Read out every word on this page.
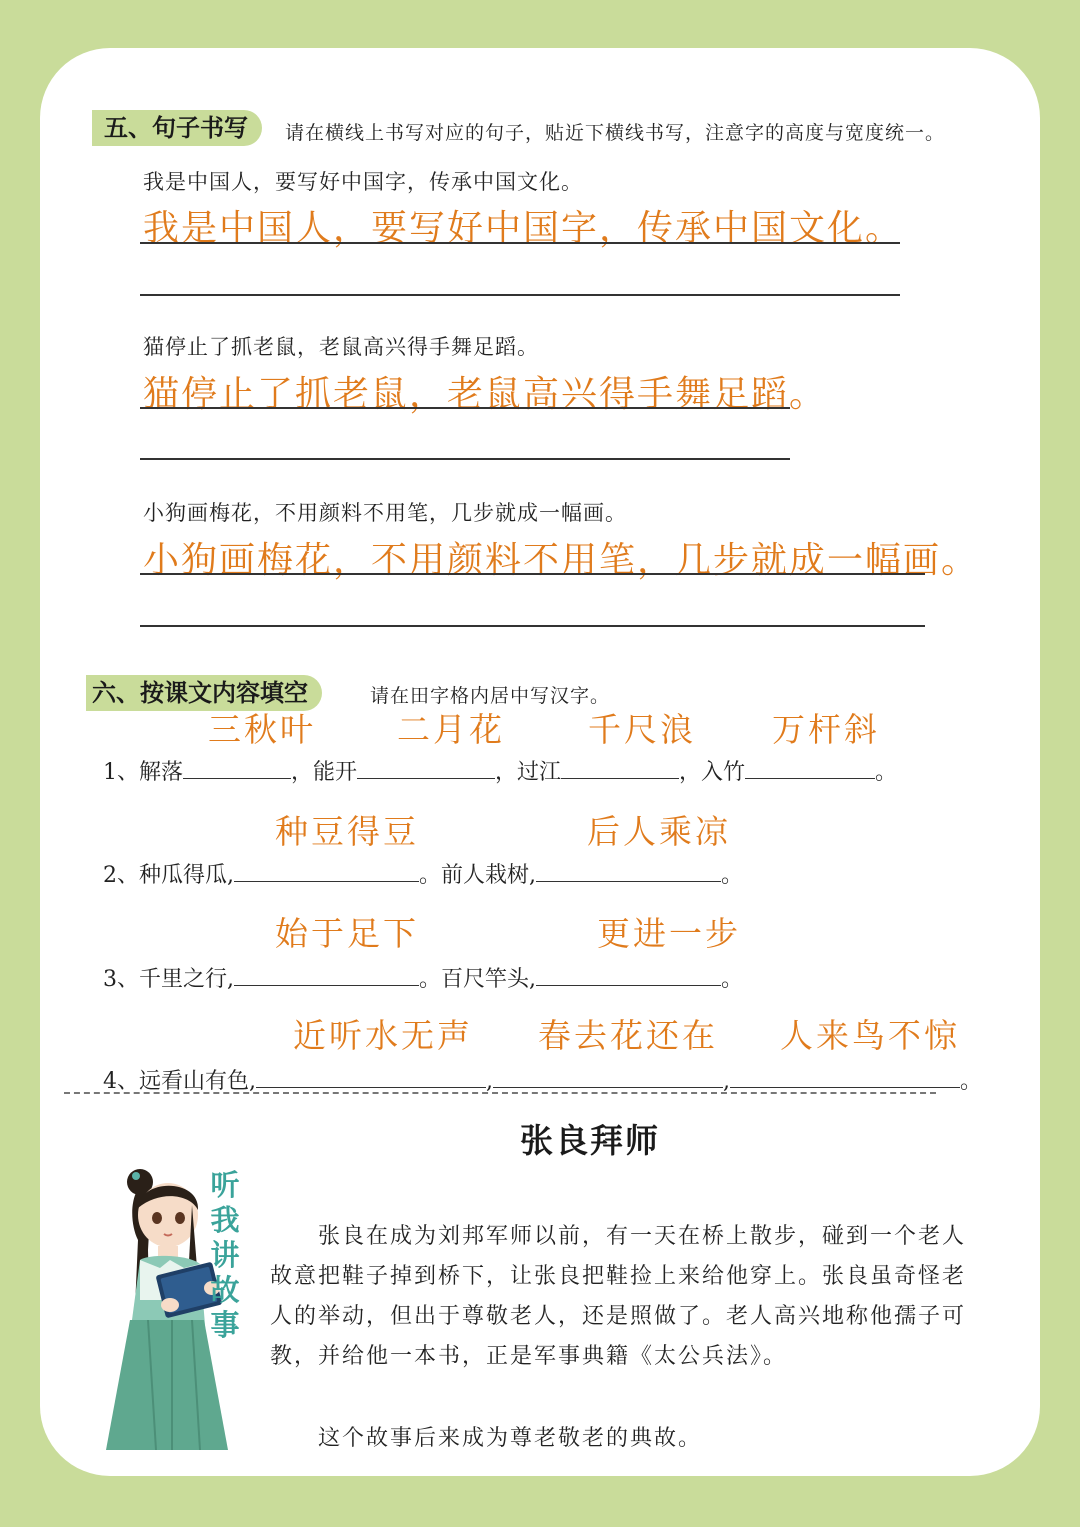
五、句子书写	请在横线上书写对应的句子，贴近下横线书写，注意字的高度与宽度统一。
我是中国人，要写好中国字，传承中国文化。
我是中国人，要写好中国字，传承中国文化。
猫停止了抓老鼠，老鼠高兴得手舞足蹈。
猫停止了抓老鼠，老鼠高兴得手舞足蹈。
小狗画梅花，不用颜料不用笔，几步就成一幅画。
小狗画梅花，不用颜料不用笔，几步就成一幅画。
六、按课文内容填空	请在田字格内居中写汉字。
三秋叶 二月花	千尺浪 万杆斜
1、解落	，能开	，过江	，入竹	。
种豆得豆	后人乘凉
2、种瓜得瓜,	。前人栽树,	。
始于足下	更进一步
3、千里之行,	。百尺竿头,	。
近听水无声 春去花还在 人来鸟不惊
4、远看山有色,	,	,	。
听
我
讲
故
事
张良拜师
张良在成为刘邦军师以前，有一天在桥上散步，碰到一个老人故意把鞋子掉到桥下，让张良把鞋捡上来给他穿上。张良虽奇怪老人的举动，但出于尊敬老人，还是照做了。老人高兴地称他孺子可教，并给他一本书，正是军事典籍《太公兵法》。
这个故事后来成为尊老敬老的典故。
